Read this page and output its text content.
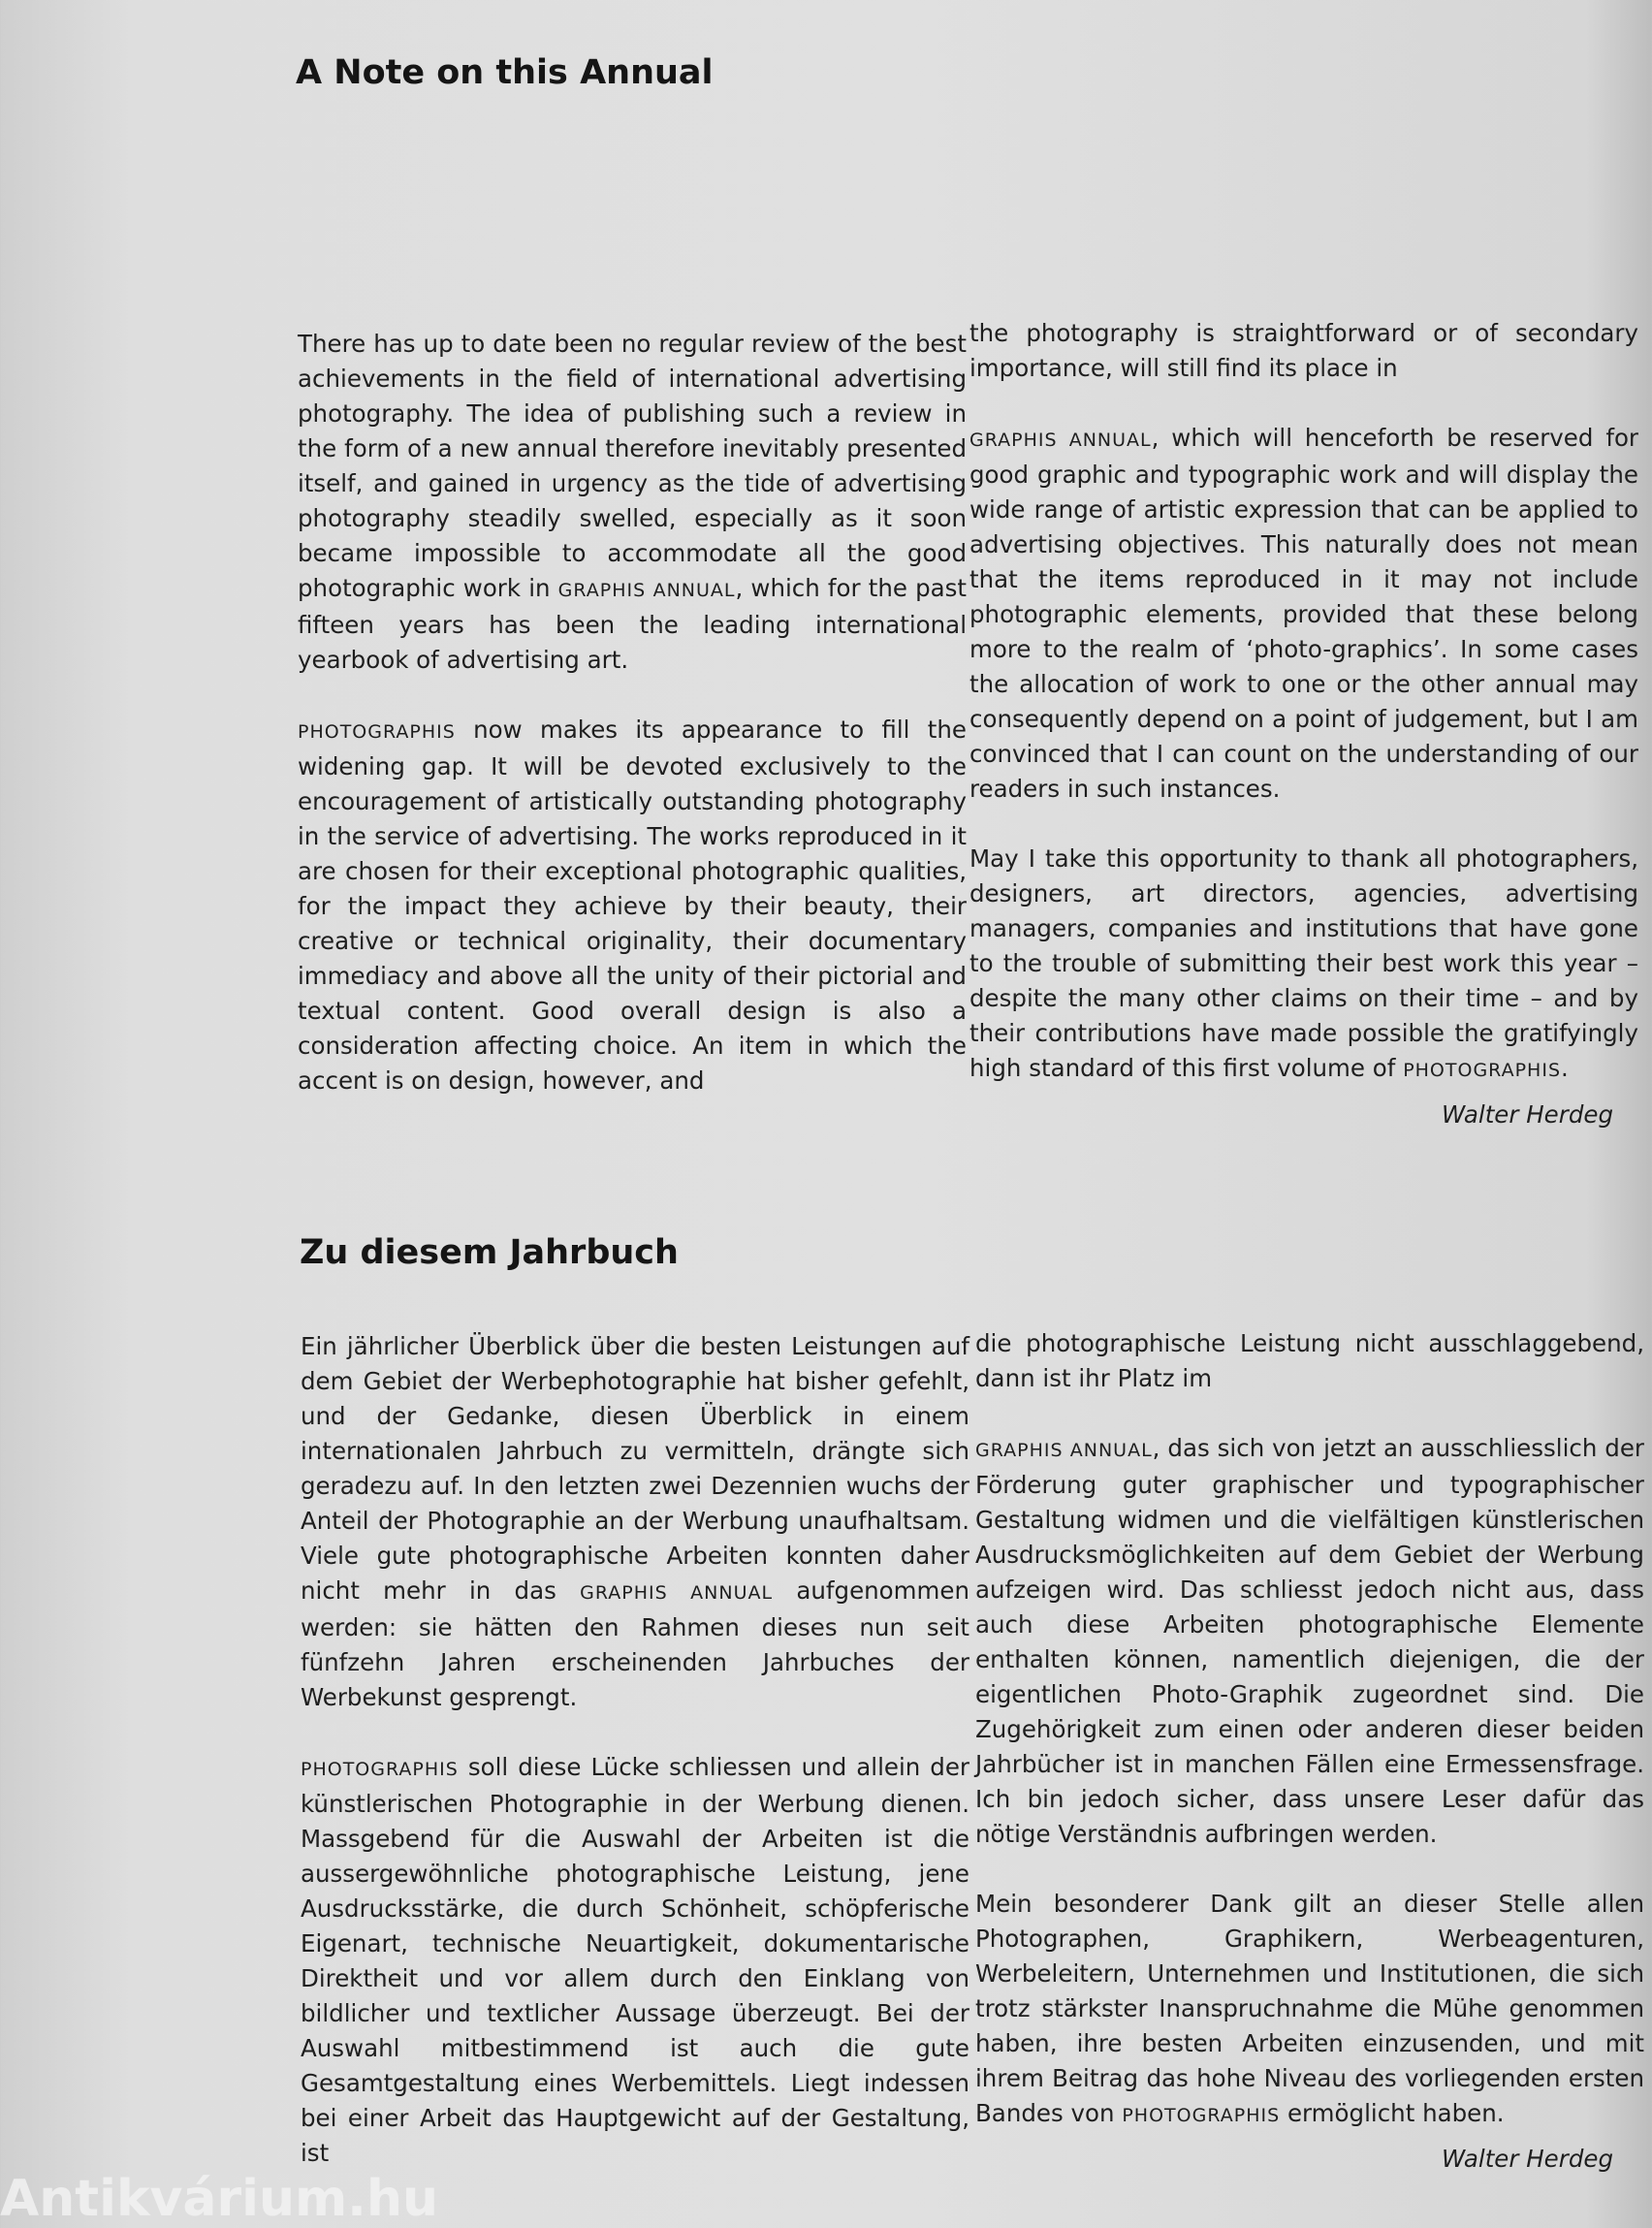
A Note on this Annual

There has up to date been no regular review of the best achievements in the field of international advertising photography. The idea of publishing such a review in the form of a new annual therefore inevitably presented itself, and gained in urgency as the tide of advertising photography steadily swelled, especially as it soon became impossible to accommodate all the good photographic work in GRAPHIS ANNUAL, which for the past fifteen years has been the leading international yearbook of advertising art.

PHOTOGRAPHIS now makes its appearance to fill the widening gap. It will be devoted exclusively to the encouragement of artistically outstanding photography in the service of advertising. The works reproduced in it are chosen for their exceptional photographic qualities, for the impact they achieve by their beauty, their creative or technical originality, their documentary immediacy and above all the unity of their pictorial and textual content. Good overall design is also a consideration affecting choice. An item in which the accent is on design, however, and

the photography is straightforward or of secondary importance, will still find its place in

GRAPHIS ANNUAL, which will henceforth be reserved for good graphic and typographic work and will display the wide range of artistic expression that can be applied to advertising objectives. This naturally does not mean that the items reproduced in it may not include photographic elements, provided that these belong more to the realm of ‘photo-graphics’. In some cases the allocation of work to one or the other annual may consequently depend on a point of judgement, but I am convinced that I can count on the understanding of our readers in such instances.

May I take this opportunity to thank all photographers, designers, art directors, agencies, advertising managers, companies and institutions that have gone to the trouble of submitting their best work this year – despite the many other claims on their time – and by their contributions have made possible the gratifyingly high standard of this first volume of PHOTOGRAPHIS.

Walter Herdeg
Zu diesem Jahrbuch

Ein jährlicher Überblick über die besten Leistungen auf dem Gebiet der Werbephotographie hat bisher gefehlt, und der Gedanke, diesen Überblick in einem internationalen Jahrbuch zu vermitteln, drängte sich geradezu auf. In den letzten zwei Dezennien wuchs der Anteil der Photographie an der Werbung unaufhaltsam. Viele gute photographische Arbeiten konnten daher nicht mehr in das GRAPHIS ANNUAL aufgenommen werden: sie hätten den Rahmen dieses nun seit fünfzehn Jahren erscheinenden Jahrbuches der Werbekunst gesprengt.

PHOTOGRAPHIS soll diese Lücke schliessen und allein der künstlerischen Photographie in der Werbung dienen. Massgebend für die Auswahl der Arbeiten ist die aussergewöhnliche photographische Leistung, jene Ausdrucksstärke, die durch Schönheit, schöpferische Eigenart, technische Neuartigkeit, dokumentarische Direktheit und vor allem durch den Einklang von bildlicher und textlicher Aussage überzeugt. Bei der Auswahl mitbestimmend ist auch die gute Gesamtgestaltung eines Werbemittels. Liegt indessen bei einer Arbeit das Hauptgewicht auf der Gestaltung, ist

die photographische Leistung nicht ausschlaggebend, dann ist ihr Platz im

GRAPHIS ANNUAL, das sich von jetzt an ausschliesslich der Förderung guter graphischer und typographischer Gestaltung widmen und die vielfältigen künstlerischen Ausdrucksmöglichkeiten auf dem Gebiet der Werbung aufzeigen wird. Das schliesst jedoch nicht aus, dass auch diese Arbeiten photographische Elemente enthalten können, namentlich diejenigen, die der eigentlichen Photo-Graphik zugeordnet sind. Die Zugehörigkeit zum einen oder anderen dieser beiden Jahrbücher ist in manchen Fällen eine Ermessensfrage. Ich bin jedoch sicher, dass unsere Leser dafür das nötige Verständnis aufbringen werden.

Mein besonderer Dank gilt an dieser Stelle allen Photographen, Graphikern, Werbeagenturen, Werbeleitern, Unternehmen und Institutionen, die sich trotz stärkster Inanspruchnahme die Mühe genommen haben, ihre besten Arbeiten einzusenden, und mit ihrem Beitrag das hohe Niveau des vorliegenden ersten Bandes von PHOTOGRAPHIS ermöglicht haben.

Walter Herdeg
Antikvárium.hu
